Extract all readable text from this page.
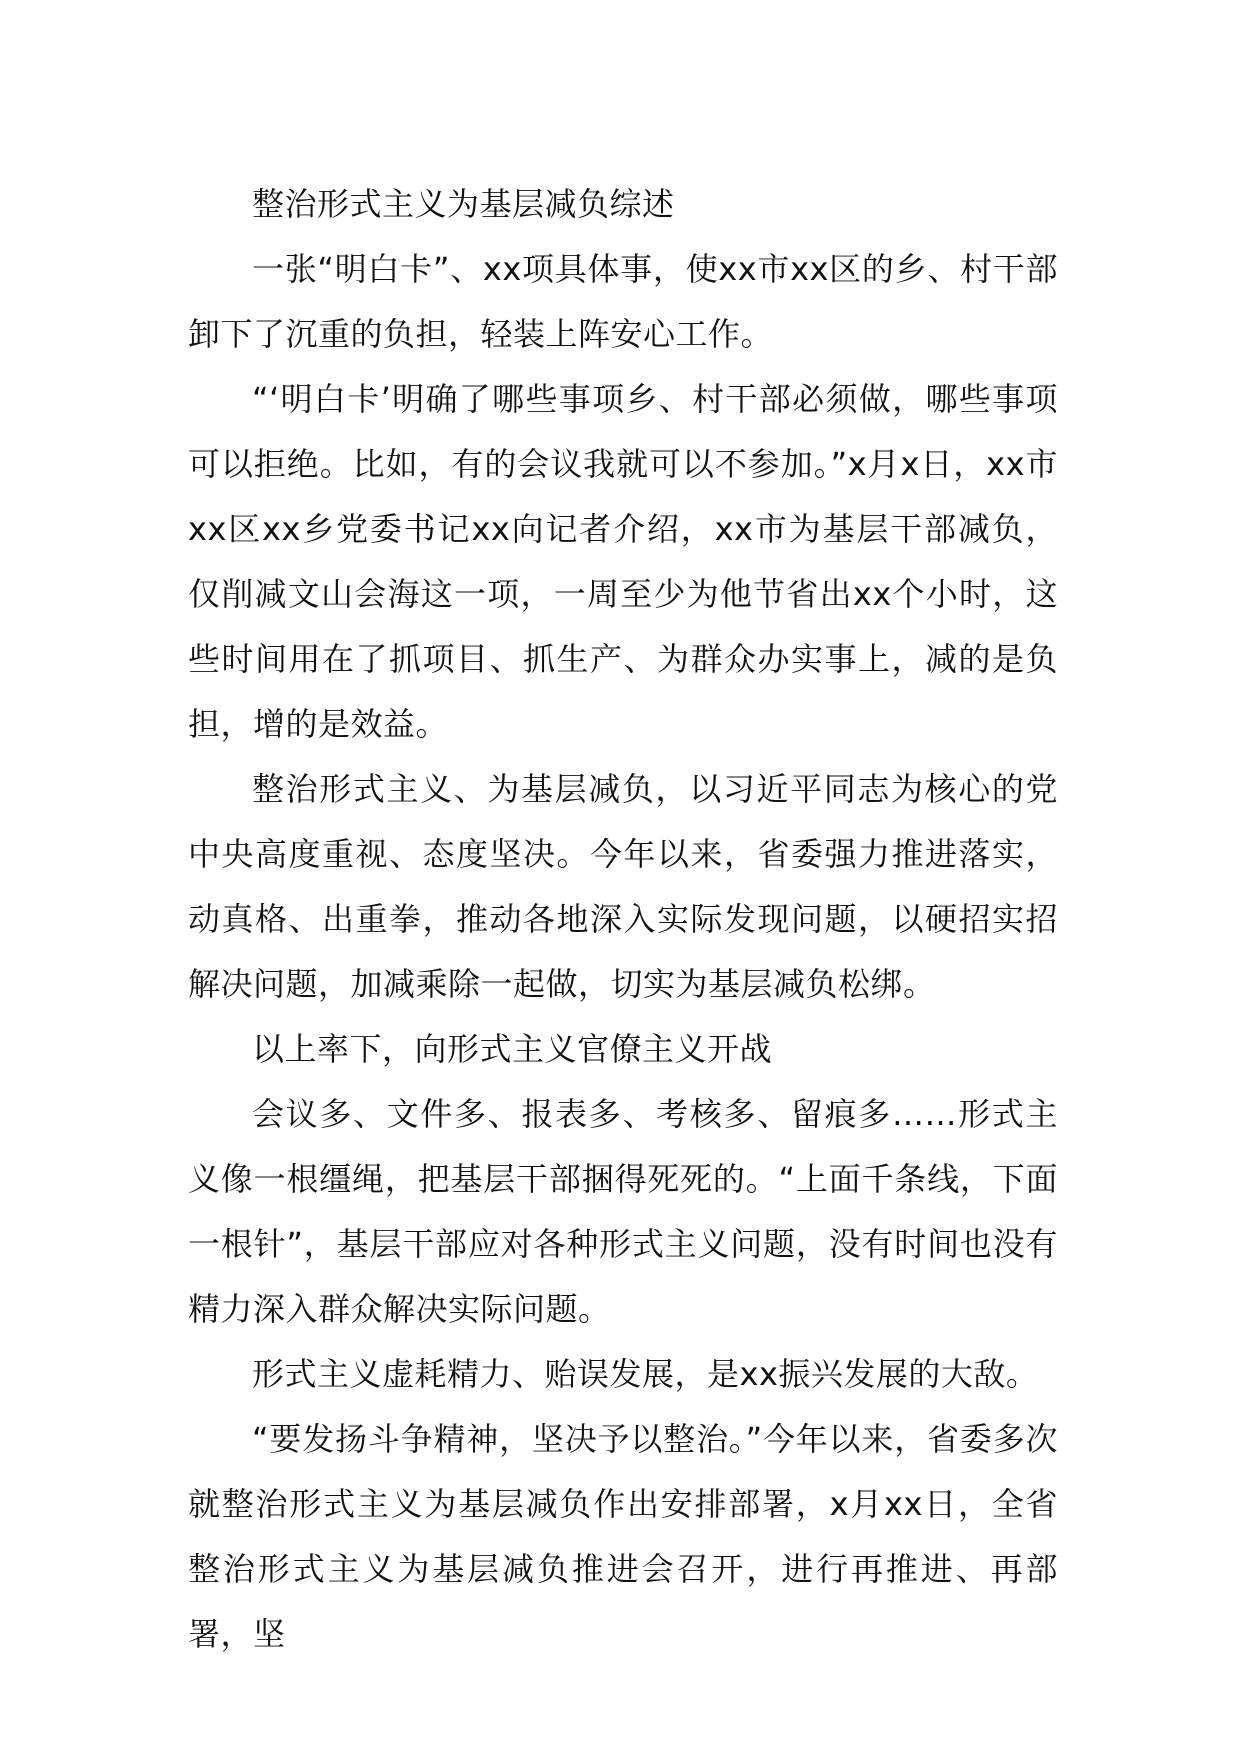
整治形式主义为基层减负综述

一张“明白卡”、xx项具体事，使xx市xx区的乡、村干部卸下了沉重的负担，轻装上阵安心工作。

“‘明白卡’明确了哪些事项乡、村干部必须做，哪些事项可以拒绝。比如，有的会议我就可以不参加。”x月x日，xx市xx区xx乡党委书记xx向记者介绍，xx市为基层干部减负，仅削减文山会海这一项，一周至少为他节省出xx个小时，这些时间用在了抓项目、抓生产、为群众办实事上，减的是负担，增的是效益。

整治形式主义、为基层减负，以习近平同志为核心的党中央高度重视、态度坚决。今年以来，省委强力推进落实，动真格、出重拳，推动各地深入实际发现问题，以硬招实招解决问题，加减乘除一起做，切实为基层减负松绑。

以上率下，向形式主义官僚主义开战

会议多、文件多、报表多、考核多、留痕多……形式主义像一根缰绳，把基层干部捆得死死的。“上面千条线，下面一根针”，基层干部应对各种形式主义问题，没有时间也没有精力深入群众解决实际问题。

形式主义虚耗精力、贻误发展，是xx振兴发展的大敌。

“要发扬斗争精神，坚决予以整治。”今年以来，省委多次就整治形式主义为基层减负作出安排部署，x月xx日，全省整治形式主义为基层减负推进会召开，进行再推进、再部署，坚
